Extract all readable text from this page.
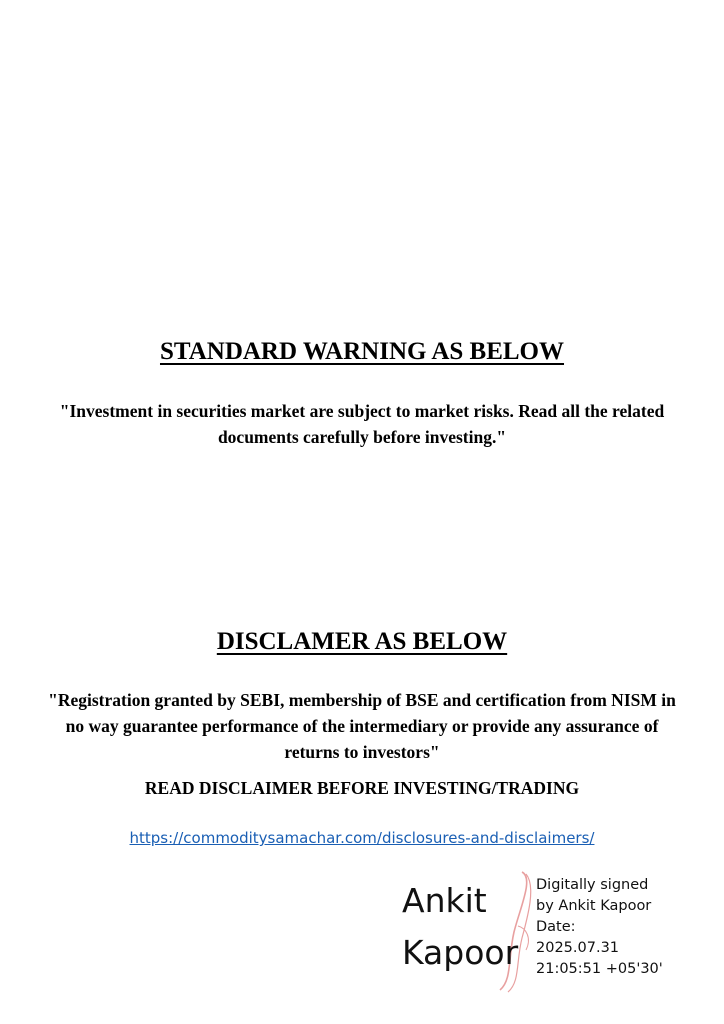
STANDARD WARNING AS BELOW

"Investment in securities market are subject to market risks. Read all the related documents carefully before investing."

DISCLAMER AS BELOW

"Registration granted by SEBI, membership of BSE and certification from NISM in no way guarantee performance of the intermediary or provide any assurance of returns to investors"

READ DISCLAIMER BEFORE INVESTING/TRADING

https://commoditysamachar.com/disclosures-and-disclaimers/
Ankit
Kapoor
Digitally signed
by Ankit Kapoor
Date:
2025.07.31
21:05:51 +05'30'
